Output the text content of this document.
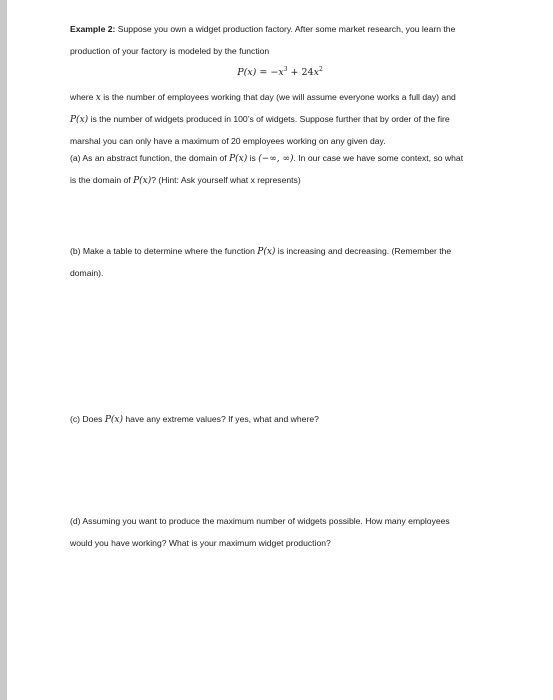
Example 2: Suppose you own a widget production factory. After some market research, you learn the
production of your factory is modeled by the function
$P(x) = -x^3 + 24x^2$
where x is the number of employees working that day (we will assume everyone works a full day) and
P(x) is the number of widgets produced in 100’s of widgets. Suppose further that by order of the fire
marshal you can only have a maximum of 20 employees working on any given day.
(a) As an abstract function, the domain of P(x) is (−∞, ∞). In our case we have some context, so what
is the domain of P(x)? (Hint: Ask yourself what x represents)
(b) Make a table to determine where the function P(x) is increasing and decreasing. (Remember the
domain).
(c) Does P(x) have any extreme values? If yes, what and where?
(d) Assuming you want to produce the maximum number of widgets possible. How many employees
would you have working? What is your maximum widget production?
